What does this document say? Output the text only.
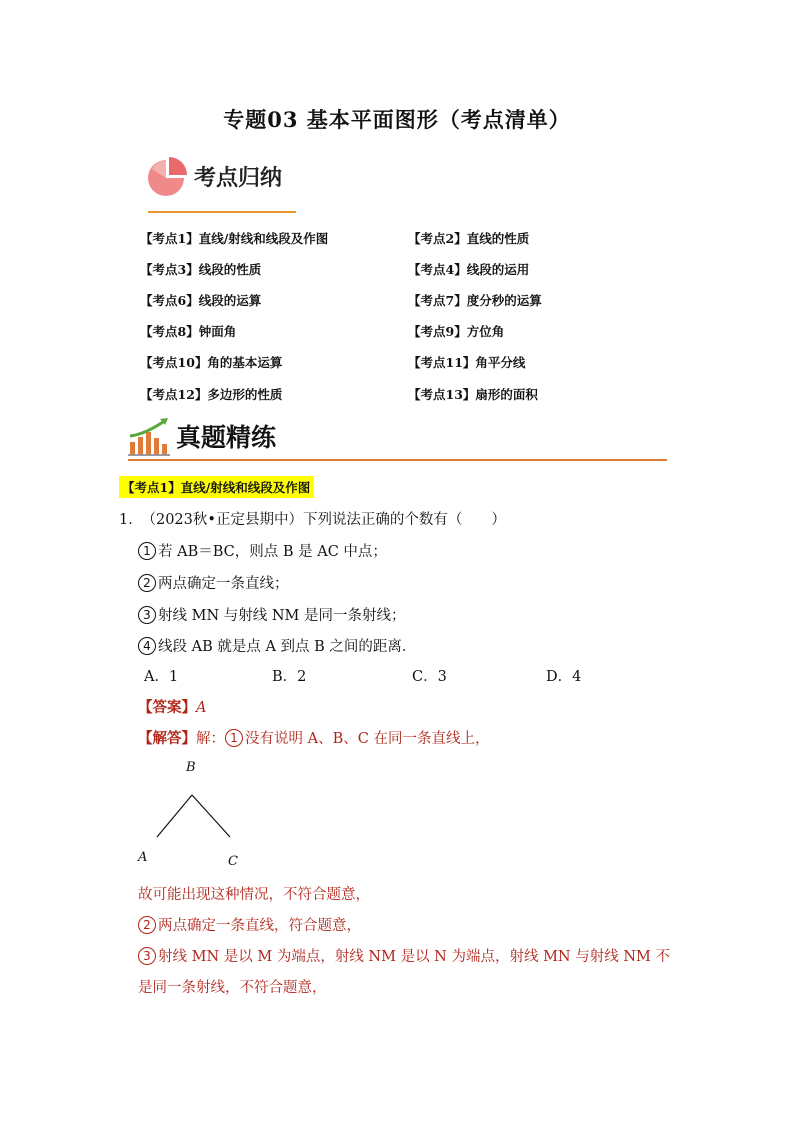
专题03 基本平面图形（考点清单）
考点归纳
【考点1】直线/射线和线段及作图	【考点2】直线的性质
【考点3】线段的性质	【考点4】线段的运用
【考点6】线段的运算	【考点7】度分秒的运算
【考点8】钟面角	【考点9】方位角
【考点10】角的基本运算	【考点11】角平分线
【考点12】多边形的性质	【考点13】扇形的面积
真题精练
【考点1】直线/射线和线段及作图
1． （2023秋•正定县期中）下列说法正确的个数有（　　）
1 若 AB＝BC，则点 B 是 AC 中点；
2 两点确定一条直线；
3 射线 MN 与射线 NM 是同一条射线；
4 线段 AB 就是点 A 到点 B 之间的距离．
A．1	B．2	C．3	D．4
【答案】A
【解答】解： 1 没有说明 A、B、C 在同一条直线上，
B
A	C
故可能出现这种情况，不符合题意，
2 两点确定一条直线，符合题意，
3 射线 MN 是以 M 为端点，射线 NM 是以 N 为端点，射线 MN 与射线 NM 不
是同一条射线，不符合题意，
